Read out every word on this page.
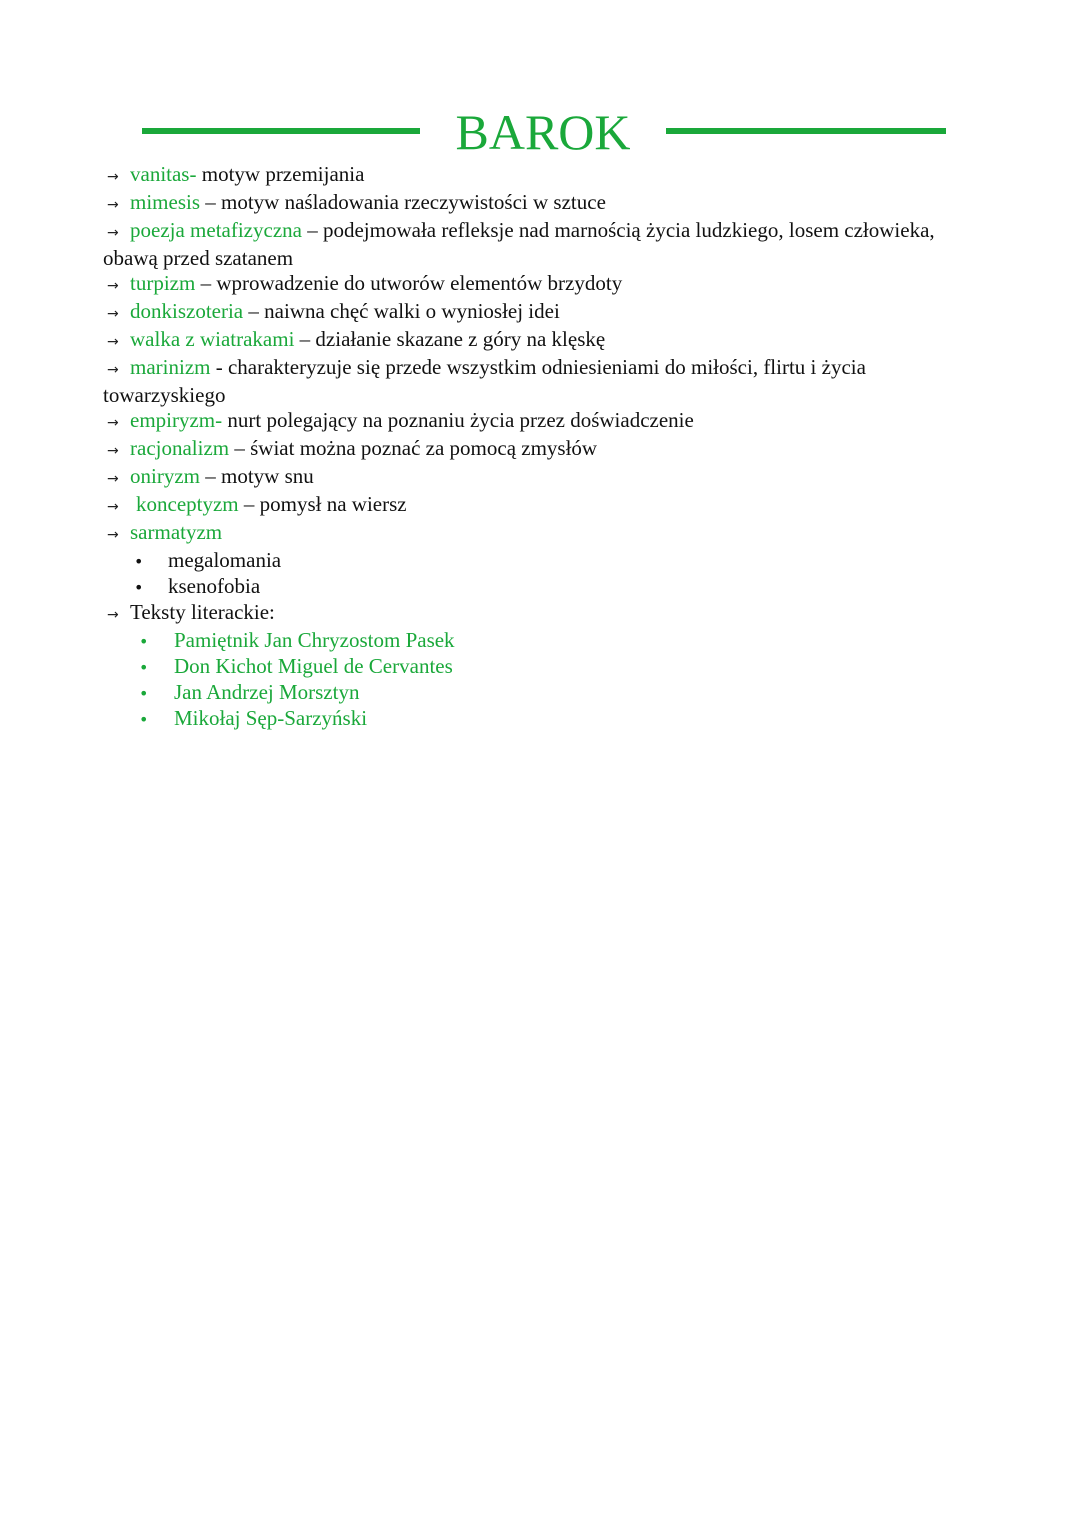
BAROK

→ vanitas- motyw przemijania

→ mimesis – motyw naśladowania rzeczywistości w sztuce

→ poezja metafizyczna – podejmowała refleksje nad marnością życia ludzkiego, losem człowieka, obawą przed szatanem

→ turpizm – wprowadzenie do utworów elementów brzydoty

→ donkiszoteria – naiwna chęć walki o wyniosłej idei

→ walka z wiatrakami – działanie skazane z góry na klęskę

→ marinizm - charakteryzuje się przede wszystkim odniesieniami do miłości, flirtu i życia towarzyskiego

→ empiryzm- nurt polegający na poznaniu życia przez doświadczenie

→ racjonalizm – świat można poznać za pomocą zmysłów

→ oniryzm – motyw snu

→ konceptyzm – pomysł na wiersz

→ sarmatyzm

• megalomania
• ksenofobia

→ Teksty literackie:

• Pamiętnik Jan Chryzostom Pasek
• Don Kichot Miguel de Cervantes
• Jan Andrzej Morsztyn
• Mikołaj Sęp-Sarzyński
